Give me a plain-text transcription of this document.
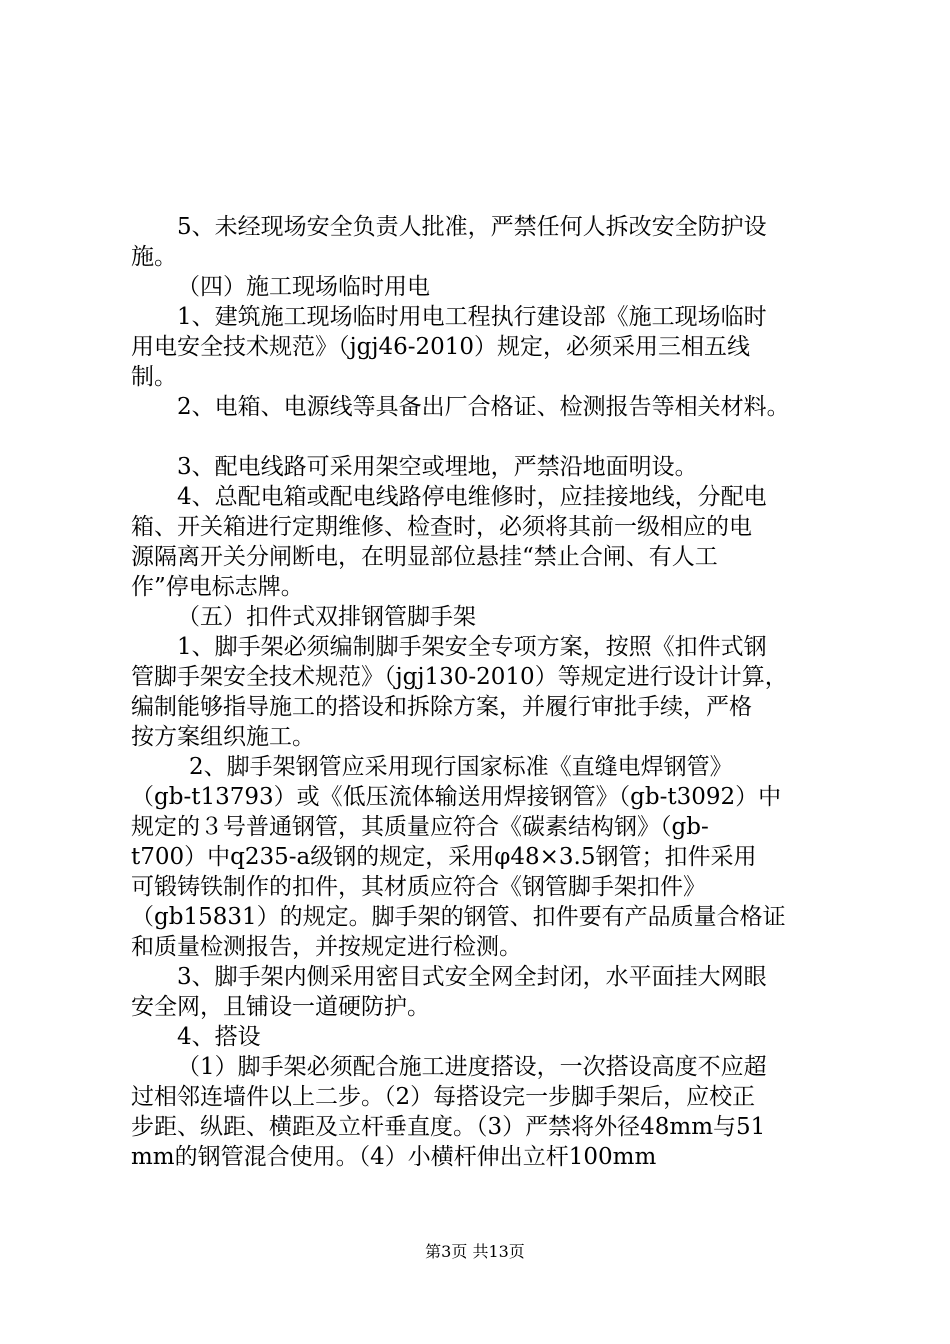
5、未经现场安全负责人批准，严禁任何人拆改安全防护设

施。

（四）施工现场临时用电

1、建筑施工现场临时用电工程执行建设部《施工现场临时

用电安全技术规范》（jgj46-2010）规定，必须采用三相五线

制。

2、电箱、电源线等具备出厂合格证、检测报告等相关材料。

3、配电线路可采用架空或埋地，严禁沿地面明设。

4、总配电箱或配电线路停电维修时，应挂接地线，分配电

箱、开关箱进行定期维修、检查时，必须将其前一级相应的电

源隔离开关分闸断电，在明显部位悬挂“禁止合闸、有人工

作”停电标志牌。

（五）扣件式双排钢管脚手架

1、脚手架必须编制脚手架安全专项方案，按照《扣件式钢

管脚手架安全技术规范》（jgj130-2010）等规定进行设计计算，

编制能够指导施工的搭设和拆除方案，并履行审批手续，严格

按方案组织施工。

2、脚手架钢管应采用现行国家标准《直缝电焊钢管》

（gb-t13793）或《低压流体输送用焊接钢管》（gb-t3092）中

规定的３号普通钢管，其质量应符合《碳素结构钢》（gb-

t700）中q235-a级钢的规定，采用φ48×3.5钢管；扣件采用

可锻铸铁制作的扣件，其材质应符合《钢管脚手架扣件》

（gb15831）的规定。脚手架的钢管、扣件要有产品质量合格证

和质量检测报告，并按规定进行检测。

3、脚手架内侧采用密目式安全网全封闭，水平面挂大网眼

安全网，且铺设一道硬防护。

4、搭设

（1）脚手架必须配合施工进度搭设，一次搭设高度不应超

过相邻连墙件以上二步。（2）每搭设完一步脚手架后，应校正

步距、纵距、横距及立杆垂直度。（3）严禁将外径48mm与51

mm的钢管混合使用。（4）小横杆伸出立杆100mm

第3页 共13页
